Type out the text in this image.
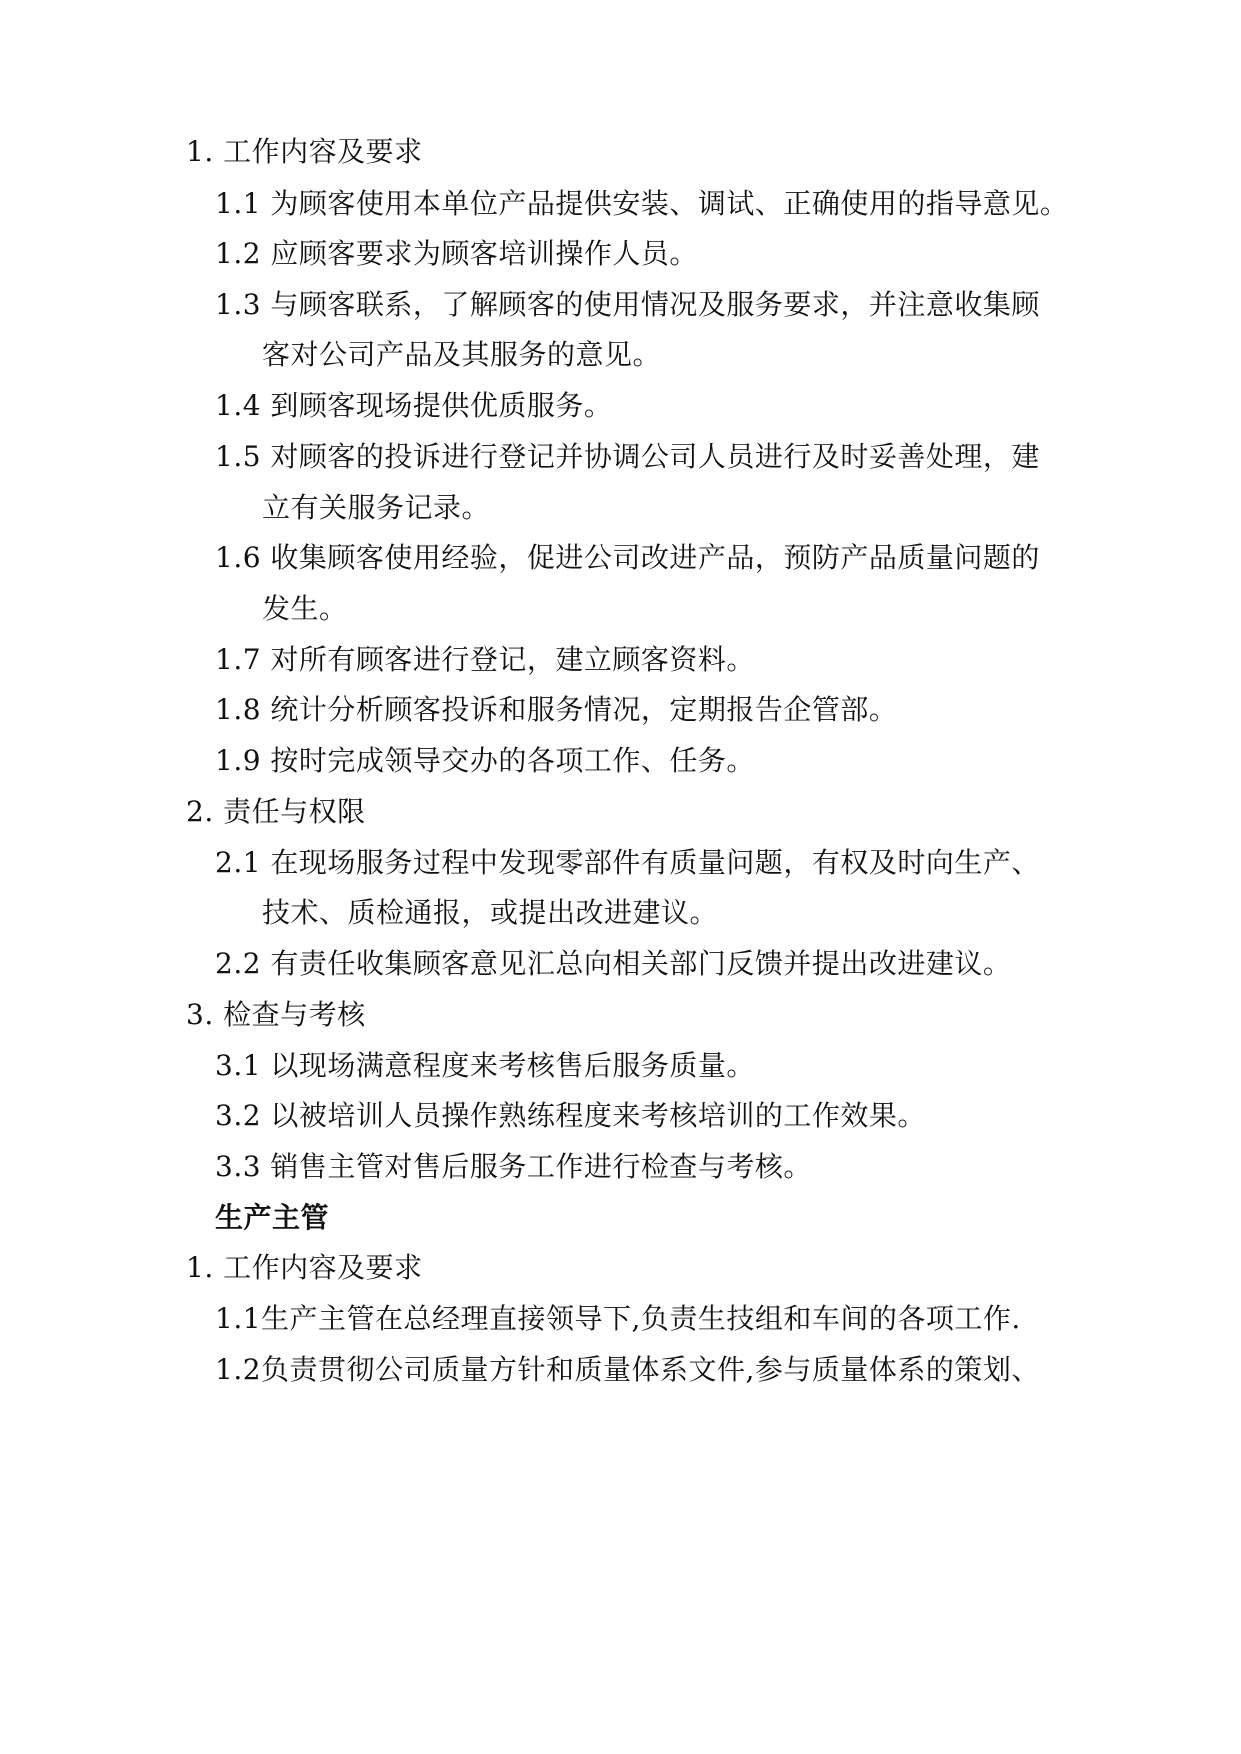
1. 工作内容及要求
1.1 为顾客使用本单位产品提供安装、调试、正确使用的指导意见。
1.2 应顾客要求为顾客培训操作人员。
1.3 与顾客联系，了解顾客的使用情况及服务要求，并注意收集顾
客对公司产品及其服务的意见。
1.4 到顾客现场提供优质服务。
1.5 对顾客的投诉进行登记并协调公司人员进行及时妥善处理，建
立有关服务记录。
1.6 收集顾客使用经验，促进公司改进产品，预防产品质量问题的
发生。
1.7 对所有顾客进行登记，建立顾客资料。
1.8 统计分析顾客投诉和服务情况，定期报告企管部。
1.9 按时完成领导交办的各项工作、任务。
2. 责任与权限
2.1 在现场服务过程中发现零部件有质量问题，有权及时向生产、
技术、质检通报，或提出改进建议。
2.2 有责任收集顾客意见汇总向相关部门反馈并提出改进建议。
3. 检查与考核
3.1 以现场满意程度来考核售后服务质量。
3.2 以被培训人员操作熟练程度来考核培训的工作效果。
3.3 销售主管对售后服务工作进行检查与考核。
生产主管
1. 工作内容及要求
1.1生产主管在总经理直接领导下,负责生技组和车间的各项工作.
1.2负责贯彻公司质量方针和质量体系文件,参与质量体系的策划、
